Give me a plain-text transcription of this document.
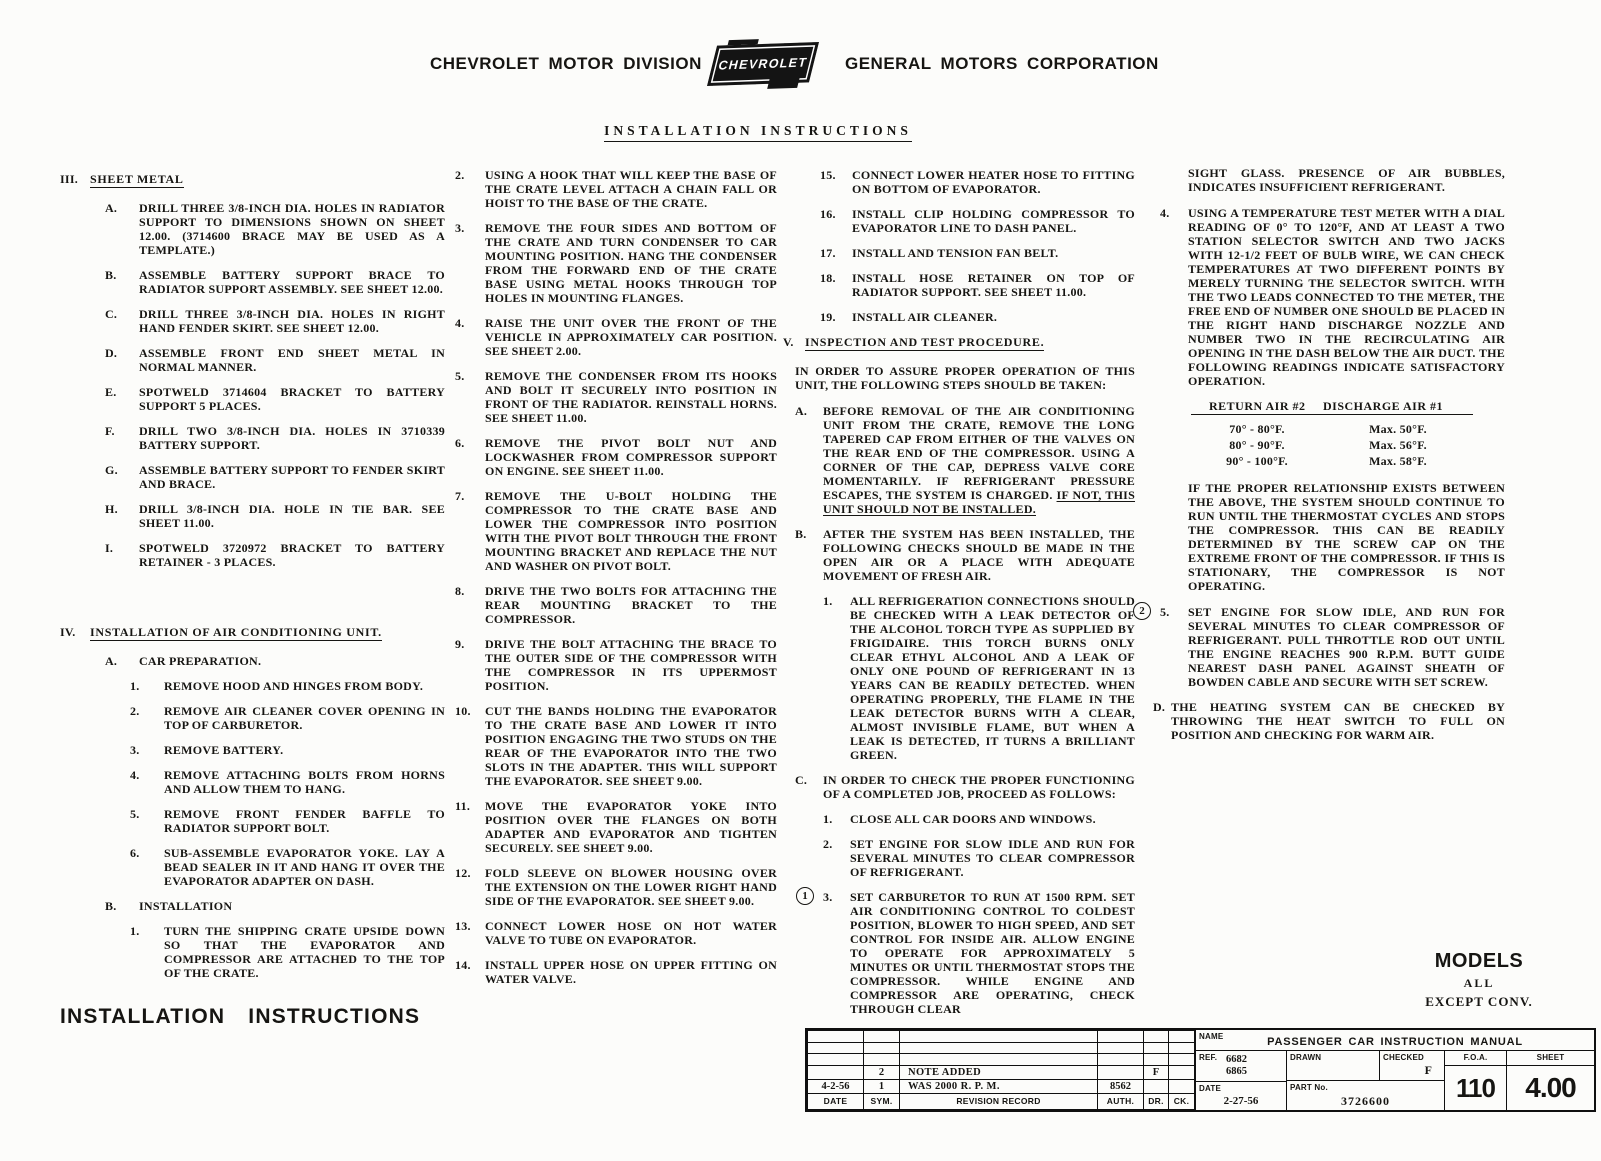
CHEVROLET MOTOR DIVISION	CHEVROLET	GENERAL MOTORS CORPORATION
INSTALLATION INSTRUCTIONS
III. SHEET METAL
A.	DRILL THREE 3/8-INCH DIA. HOLES IN RADIATOR SUPPORT TO DIMENSIONS SHOWN ON SHEET 12.00. (3714600 BRACE MAY BE USED AS A TEMPLATE.)
B.	ASSEMBLE BATTERY SUPPORT BRACE TO RADIATOR SUPPORT ASSEMBLY. SEE SHEET 12.00.
C.	DRILL THREE 3/8-INCH DIA. HOLES IN RIGHT HAND FENDER SKIRT. SEE SHEET 12.00.
D.	ASSEMBLE FRONT END SHEET METAL IN NORMAL MANNER.
E.	SPOTWELD 3714604 BRACKET TO BATTERY SUPPORT 5 PLACES.
F.	DRILL TWO 3/8-INCH DIA. HOLES IN 3710339 BATTERY SUPPORT.
G.	ASSEMBLE BATTERY SUPPORT TO FENDER SKIRT AND BRACE.
H.	DRILL 3/8-INCH DIA. HOLE IN TIE BAR. SEE SHEET 11.00.
I.	SPOTWELD 3720972 BRACKET TO BATTERY RETAINER - 3 PLACES.
IV.	INSTALLATION OF AIR CONDITIONING UNIT.
A.	CAR PREPARATION.
1.	REMOVE HOOD AND HINGES FROM BODY.
2.	REMOVE AIR CLEANER COVER OPENING IN TOP OF CARBURETOR.
3.	REMOVE BATTERY.
4.	REMOVE ATTACHING BOLTS FROM HORNS AND ALLOW THEM TO HANG.
5.	REMOVE FRONT FENDER BAFFLE TO RADIATOR SUPPORT BOLT.
6.	SUB-ASSEMBLE EVAPORATOR YOKE. LAY A BEAD SEALER IN IT AND HANG IT OVER THE EVAPORATOR ADAPTER ON DASH.
B.	INSTALLATION
1.	TURN THE SHIPPING CRATE UPSIDE DOWN SO THAT THE EVAPORATOR AND COMPRESSOR ARE ATTACHED TO THE TOP OF THE CRATE.
2.	USING A HOOK THAT WILL KEEP THE BASE OF THE CRATE LEVEL ATTACH A CHAIN FALL OR HOIST TO THE BASE OF THE CRATE.
3.	REMOVE THE FOUR SIDES AND BOTTOM OF THE CRATE AND TURN CONDENSER TO CAR MOUNTING POSITION. HANG THE CONDENSER FROM THE FORWARD END OF THE CRATE BASE USING METAL HOOKS THROUGH TOP HOLES IN MOUNTING FLANGES.
4.	RAISE THE UNIT OVER THE FRONT OF THE VEHICLE IN APPROXIMATELY CAR POSITION. SEE SHEET 2.00.
5.	REMOVE THE CONDENSER FROM ITS HOOKS AND BOLT IT SECURELY INTO POSITION IN FRONT OF THE RADIATOR. REINSTALL HORNS. SEE SHEET 11.00.
6.	REMOVE THE PIVOT BOLT NUT AND LOCKWASHER FROM COMPRESSOR SUPPORT ON ENGINE. SEE SHEET 11.00.
7.	REMOVE THE U-BOLT HOLDING THE COMPRESSOR TO THE CRATE BASE AND LOWER THE COMPRESSOR INTO POSITION WITH THE PIVOT BOLT THROUGH THE FRONT MOUNTING BRACKET AND REPLACE THE NUT AND WASHER ON PIVOT BOLT.
8.	DRIVE THE TWO BOLTS FOR ATTACHING THE REAR MOUNTING BRACKET TO THE COMPRESSOR.
9.	DRIVE THE BOLT ATTACHING THE BRACE TO THE OUTER SIDE OF THE COMPRESSOR WITH THE COMPRESSOR IN ITS UPPERMOST POSITION.
10.	CUT THE BANDS HOLDING THE EVAPORATOR TO THE CRATE BASE AND LOWER IT INTO POSITION ENGAGING THE TWO STUDS ON THE REAR OF THE EVAPORATOR INTO THE TWO SLOTS IN THE ADAPTER. THIS WILL SUPPORT THE EVAPORATOR. SEE SHEET 9.00.
11.	MOVE THE EVAPORATOR YOKE INTO POSITION OVER THE FLANGES ON BOTH ADAPTER AND EVAPORATOR AND TIGHTEN SECURELY. SEE SHEET 9.00.
12.	FOLD SLEEVE ON BLOWER HOUSING OVER THE EXTENSION ON THE LOWER RIGHT HAND SIDE OF THE EVAPORATOR. SEE SHEET 9.00.
13.	CONNECT LOWER HOSE ON HOT WATER VALVE TO TUBE ON EVAPORATOR.
14.	INSTALL UPPER HOSE ON UPPER FITTING ON WATER VALVE.
15.	CONNECT LOWER HEATER HOSE TO FITTING ON BOTTOM OF EVAPORATOR.
16.	INSTALL CLIP HOLDING COMPRESSOR TO EVAPORATOR LINE TO DASH PANEL.
17.	INSTALL AND TENSION FAN BELT.
18.	INSTALL HOSE RETAINER ON TOP OF RADIATOR SUPPORT. SEE SHEET 11.00.
19.	INSTALL AIR CLEANER.
V. INSPECTION AND TEST PROCEDURE.
IN ORDER TO ASSURE PROPER OPERATION OF THIS UNIT, THE FOLLOWING STEPS SHOULD BE TAKEN:
A.	BEFORE REMOVAL OF THE AIR CONDITIONING UNIT FROM THE CRATE, REMOVE THE LONG TAPERED CAP FROM EITHER OF THE VALVES ON THE REAR END OF THE COMPRESSOR. USING A CORNER OF THE CAP, DEPRESS VALVE CORE MOMENTARILY. IF REFRIGERANT PRESSURE ESCAPES, THE SYSTEM IS CHARGED. IF NOT, THIS UNIT SHOULD NOT BE INSTALLED.
B.	AFTER THE SYSTEM HAS BEEN INSTALLED, THE FOLLOWING CHECKS SHOULD BE MADE IN THE OPEN AIR OR A PLACE WITH ADEQUATE MOVEMENT OF FRESH AIR.
1.	ALL REFRIGERATION CONNECTIONS SHOULD BE CHECKED WITH A LEAK DETECTOR OF THE ALCOHOL TORCH TYPE AS SUPPLIED BY FRIGIDAIRE. THIS TORCH BURNS ONLY CLEAR ETHYL ALCOHOL AND A LEAK OF ONLY ONE POUND OF REFRIGERANT IN 13 YEARS CAN BE READILY DETECTED. WHEN OPERATING PROPERLY, THE FLAME IN THE LEAK DETECTOR BURNS WITH A CLEAR, ALMOST INVISIBLE FLAME, BUT WHEN A LEAK IS DETECTED, IT TURNS A BRILLIANT GREEN.
C.	IN ORDER TO CHECK THE PROPER FUNCTIONING OF A COMPLETED JOB, PROCEED AS FOLLOWS:
1.	CLOSE ALL CAR DOORS AND WINDOWS.
2.	SET ENGINE FOR SLOW IDLE AND RUN FOR SEVERAL MINUTES TO CLEAR COMPRESSOR OF REFRIGERANT.
1	3.	SET CARBURETOR TO RUN AT 1500 RPM. SET AIR CONDITIONING CONTROL TO COLDEST POSITION, BLOWER TO HIGH SPEED, AND SET CONTROL FOR INSIDE AIR. ALLOW ENGINE TO OPERATE FOR APPROXIMATELY 5 MINUTES OR UNTIL THERMOSTAT STOPS THE COMPRESSOR. WHILE ENGINE AND COMPRESSOR ARE OPERATING, CHECK THROUGH CLEAR
SIGHT GLASS. PRESENCE OF AIR BUBBLES, INDICATES INSUFFICIENT REFRIGERANT.
4.	USING A TEMPERATURE TEST METER WITH A DIAL READING OF 0° TO 120°F, AND AT LEAST A TWO STATION SELECTOR SWITCH AND TWO JACKS WITH 12-1/2 FEET OF BULB WIRE, WE CAN CHECK TEMPERATURES AT TWO DIFFERENT POINTS BY MERELY TURNING THE SELECTOR SWITCH. WITH THE TWO LEADS CONNECTED TO THE METER, THE FREE END OF NUMBER ONE SHOULD BE PLACED IN THE RIGHT HAND DISCHARGE NOZZLE AND NUMBER TWO IN THE RECIRCULATING AIR OPENING IN THE DASH BELOW THE AIR DUCT. THE FOLLOWING READINGS INDICATE SATISFACTORY OPERATION.
RETURN AIR #2	DISCHARGE AIR #1
70° - 80°F.	Max. 50°F.
80° - 90°F.	Max. 56°F.
90° - 100°F.	Max. 58°F.
IF THE PROPER RELATIONSHIP EXISTS BETWEEN THE ABOVE, THE SYSTEM SHOULD CONTINUE TO RUN UNTIL THE THERMOSTAT CYCLES AND STOPS THE COMPRESSOR. THIS CAN BE READILY DETERMINED BY THE SCREW CAP ON THE EXTREME FRONT OF THE COMPRESSOR. IF THIS IS STATIONARY, THE COMPRESSOR IS NOT OPERATING.
2	5.	SET ENGINE FOR SLOW IDLE, AND RUN FOR SEVERAL MINUTES TO CLEAR COMPRESSOR OF REFRIGERANT. PULL THROTTLE ROD OUT UNTIL THE ENGINE REACHES 900 R.P.M. BUTT GUIDE NEAREST DASH PANEL AGAINST SHEATH OF BOWDEN CABLE AND SECURE WITH SET SCREW.
D. THE HEATING SYSTEM CAN BE CHECKED BY THROWING THE HEAT SWITCH TO FULL ON POSITION AND CHECKING FOR WARM AIR.
INSTALLATION INSTRUCTIONS
MODELS
ALL
EXCEPT CONV.

	2	NOTE ADDED		F	
4-2-56	1	WAS 2000 R. P. M.	8562		
DATE	SYM.	REVISION RECORD	AUTH.	DR.	CK.
NAME	PASSENGER CAR INSTRUCTION MANUAL
REF. 6682
6865
DATE
2-27-56
DRAWN	CHECKED
F
PART No.
3726600
F.O.A.
110
SHEET
4.00
